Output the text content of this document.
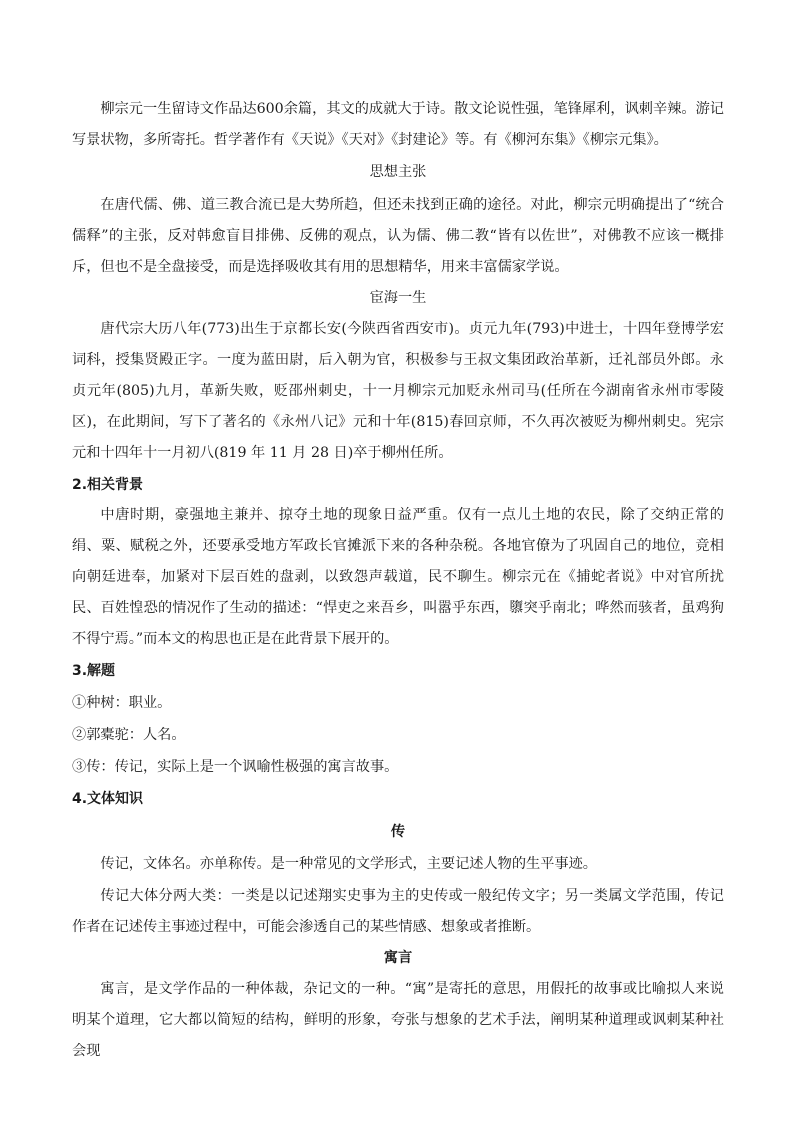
柳宗元一生留诗文作品达600余篇，其文的成就大于诗。散文论说性强，笔锋犀利，讽刺辛辣。游记写景状物，多所寄托。哲学著作有《天说》《天对》《封建论》等。有《柳河东集》《柳宗元集》。

思想主张

在唐代儒、佛、道三教合流已是大势所趋，但还未找到正确的途径。对此，柳宗元明确提出了“统合儒释”的主张，反对韩愈盲目排佛、反佛的观点，认为儒、佛二教“皆有以佐世”，对佛教不应该一概排斥，但也不是全盘接受，而是选择吸收其有用的思想精华，用来丰富儒家学说。

宦海一生

唐代宗大历八年(773)出生于京都长安(今陕西省西安市)。贞元九年(793)中进士，十四年登博学宏词科，授集贤殿正字。一度为蓝田尉，后入朝为官，积极参与王叔文集团政治革新，迁礼部员外郎。永贞元年(805)九月，革新失败，贬邵州刺史，十一月柳宗元加贬永州司马(任所在今湖南省永州市零陵区)，在此期间，写下了著名的《永州八记》元和十年(815)春回京师，不久再次被贬为柳州刺史。宪宗元和十四年十一月初八(819 年 11 月 28 日)卒于柳州任所。

2.相关背景

中唐时期，豪强地主兼并、掠夺土地的现象日益严重。仅有一点儿土地的农民，除了交纳正常的绢、粟、赋税之外，还要承受地方军政长官摊派下来的各种杂税。各地官僚为了巩固自己的地位，竞相向朝廷进奉，加紧对下层百姓的盘剥，以致怨声载道，民不聊生。柳宗元在《捕蛇者说》中对官所扰民、百姓惶恐的情况作了生动的描述：“悍吏之来吾乡，叫嚣乎东西，隳突乎南北；哗然而骇者，虽鸡狗不得宁焉。”而本文的构思也正是在此背景下展开的。

3.解题

①种树：职业。

②郭橐驼：人名。

③传：传记，实际上是一个讽喻性极强的寓言故事。

4.文体知识

传

传记，文体名。亦单称传。是一种常见的文学形式，主要记述人物的生平事迹。

传记大体分两大类：一类是以记述翔实史事为主的史传或一般纪传文字；另一类属文学范围，传记作者在记述传主事迹过程中，可能会渗透自己的某些情感、想象或者推断。

寓言

寓言，是文学作品的一种体裁，杂记文的一种。“寓”是寄托的意思，用假托的故事或比喻拟人来说明某个道理，它大都以简短的结构，鲜明的形象，夸张与想象的艺术手法，阐明某种道理或讽刺某种社会现
